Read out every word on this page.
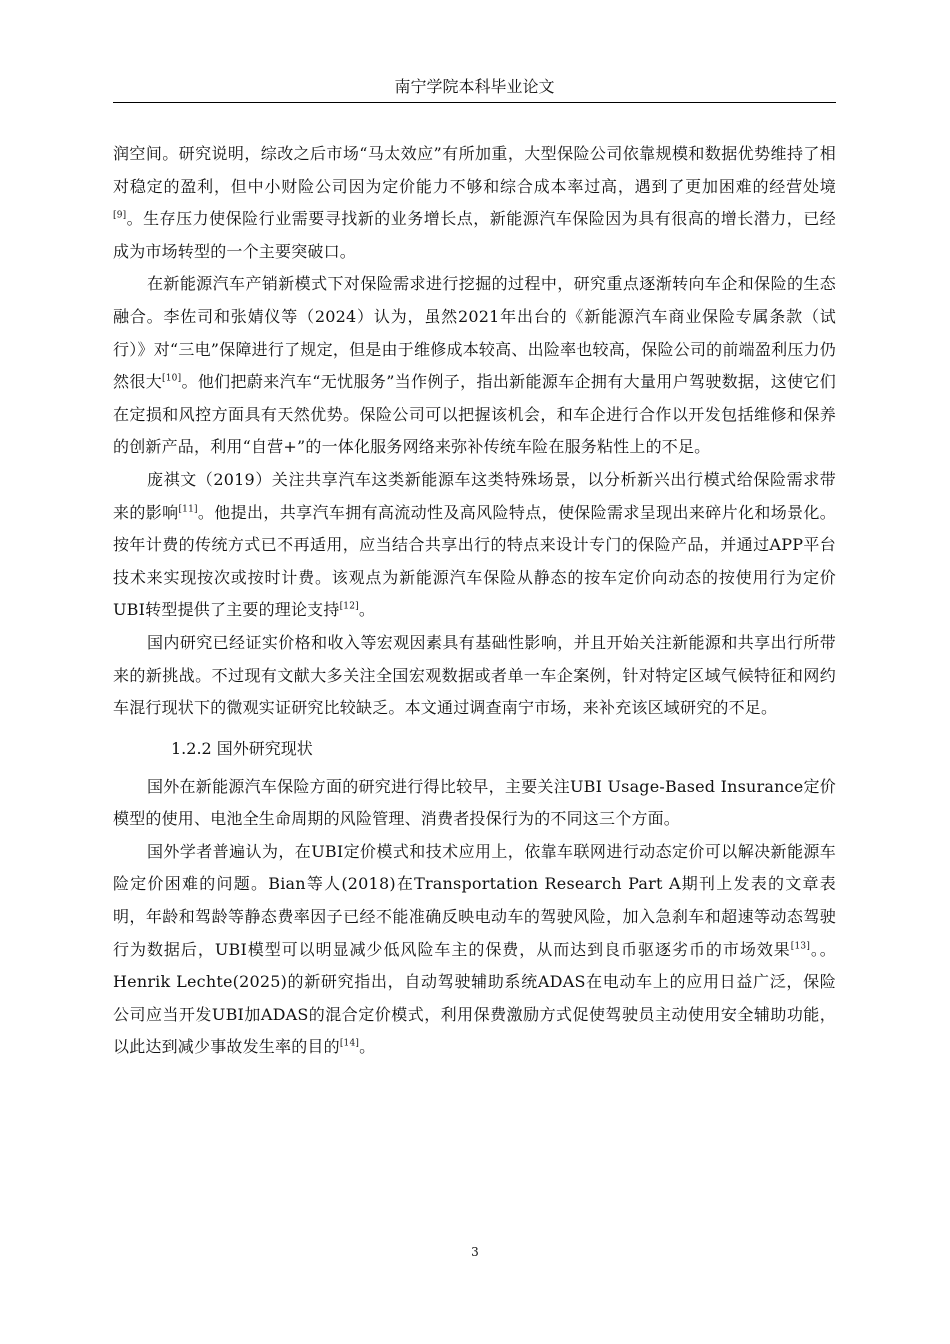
南宁学院本科毕业论文

润空间。研究说明，综改之后市场“马太效应”有所加重，大型保险公司依靠规模和数据优势维持了相对稳定的盈利，但中小财险公司因为定价能力不够和综合成本率过高，遇到了更加困难的经营处境[9]。生存压力使保险行业需要寻找新的业务增长点，新能源汽车保险因为具有很高的增长潜力，已经成为市场转型的一个主要突破口。

在新能源汽车产销新模式下对保险需求进行挖掘的过程中，研究重点逐渐转向车企和保险的生态融合。李佐司和张婧仪等（2024）认为，虽然2021年出台的《新能源汽车商业保险专属条款（试行）》对“三电”保障进行了规定，但是由于维修成本较高、出险率也较高，保险公司的前端盈利压力仍然很大[10]。他们把蔚来汽车“无忧服务”当作例子，指出新能源车企拥有大量用户驾驶数据，这使它们在定损和风控方面具有天然优势。保险公司可以把握该机会，和车企进行合作以开发包括维修和保养的创新产品，利用“自营+”的一体化服务网络来弥补传统车险在服务粘性上的不足。

庞祺文（2019）关注共享汽车这类新能源车这类特殊场景，以分析新兴出行模式给保险需求带来的影响[11]。他提出，共享汽车拥有高流动性及高风险特点，使保险需求呈现出来碎片化和场景化。按年计费的传统方式已不再适用，应当结合共享出行的特点来设计专门的保险产品，并通过APP平台技术来实现按次或按时计费。该观点为新能源汽车保险从静态的按车定价向动态的按使用行为定价UBI转型提供了主要的理论支持[12]。

国内研究已经证实价格和收入等宏观因素具有基础性影响，并且开始关注新能源和共享出行所带来的新挑战。不过现有文献大多关注全国宏观数据或者单一车企案例，针对特定区域气候特征和网约车混行现状下的微观实证研究比较缺乏。本文通过调查南宁市场，来补充该区域研究的不足。

1.2.2 国外研究现状

国外在新能源汽车保险方面的研究进行得比较早，主要关注UBI Usage-Based Insurance定价模型的使用、电池全生命周期的风险管理、消费者投保行为的不同这三个方面。

国外学者普遍认为，在UBI定价模式和技术应用上，依靠车联网进行动态定价可以解决新能源车险定价困难的问题。Bian等人(2018)在Transportation Research Part A期刊上发表的文章表明，年龄和驾龄等静态费率因子已经不能准确反映电动车的驾驶风险，加入急刹车和超速等动态驾驶行为数据后，UBI模型可以明显减少低风险车主的保费，从而达到良币驱逐劣币的市场效果[13]。。Henrik Lechte(2025)的新研究指出，自动驾驶辅助系统ADAS在电动车上的应用日益广泛，保险公司应当开发UBI加ADAS的混合定价模式，利用保费激励方式促使驾驶员主动使用安全辅助功能，以此达到减少事故发生率的目的[14]。

3
